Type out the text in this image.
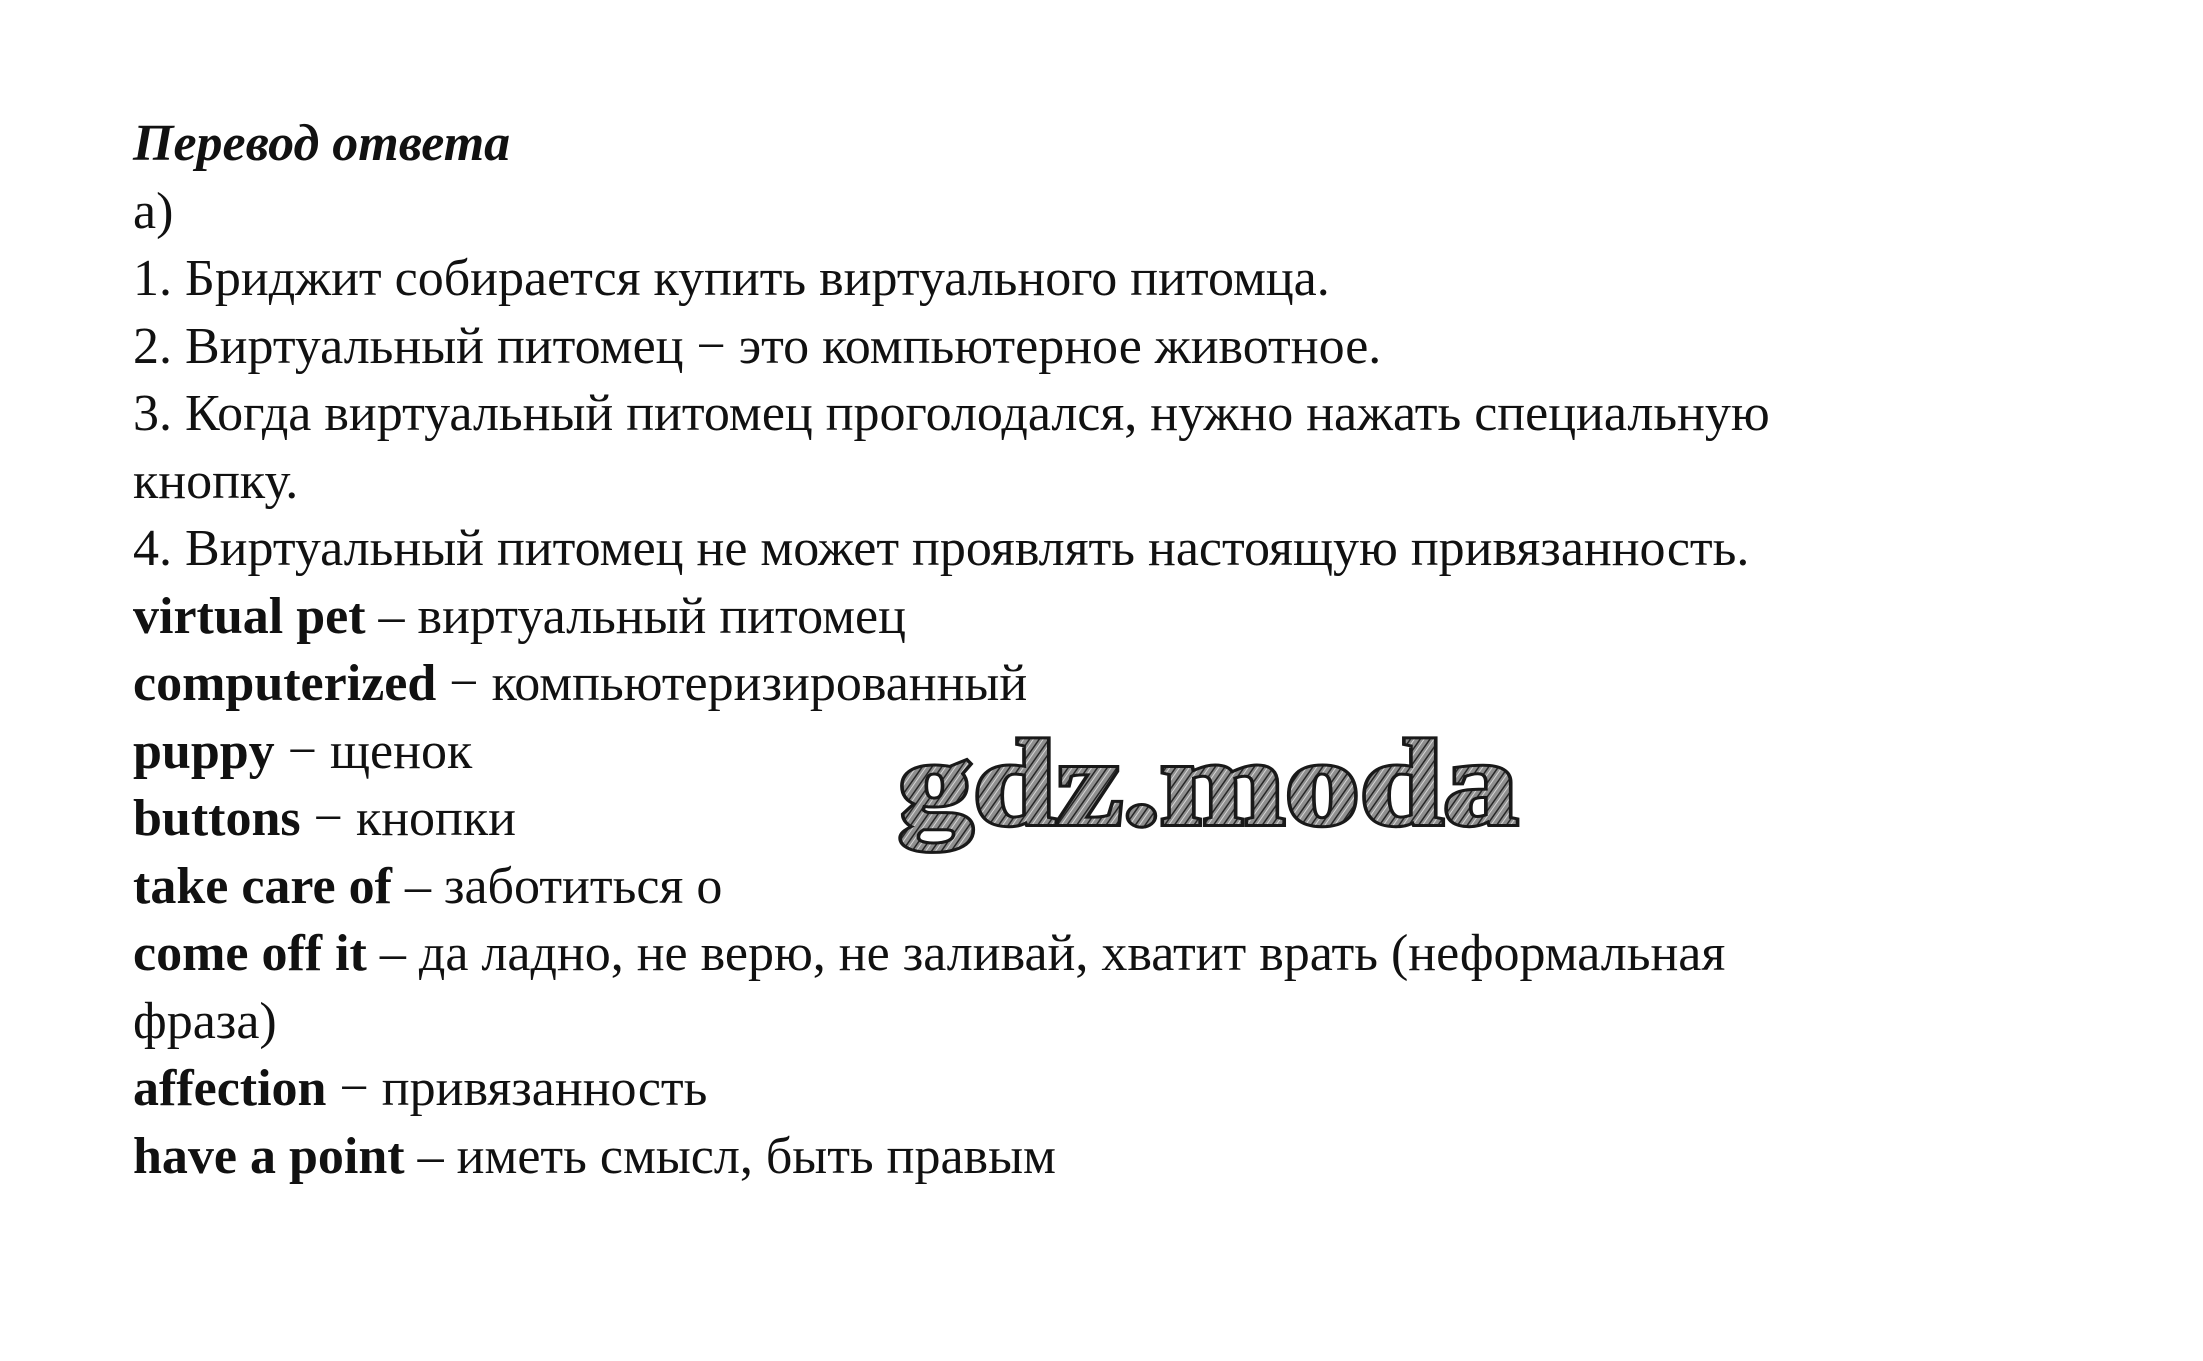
Перевод ответа
а)
1. Бриджит собирается купить виртуального питомца.
2. Виртуальный питомец − это компьютерное животное.
3. Когда виртуальный питомец проголодался, нужно нажать специальную
кнопку.
4. Виртуальный питомец не может проявлять настоящую привязанность.
virtual pet – виртуальный питомец
computerized − компьютеризированный
puppy − щенок
buttons − кнопки
take care of – заботиться о
come off it – да ладно, не верю, не заливай, хватит врать (неформальная
фраза)
affection − привязанность
have a point – иметь смысл, быть правым
gdz.moda
